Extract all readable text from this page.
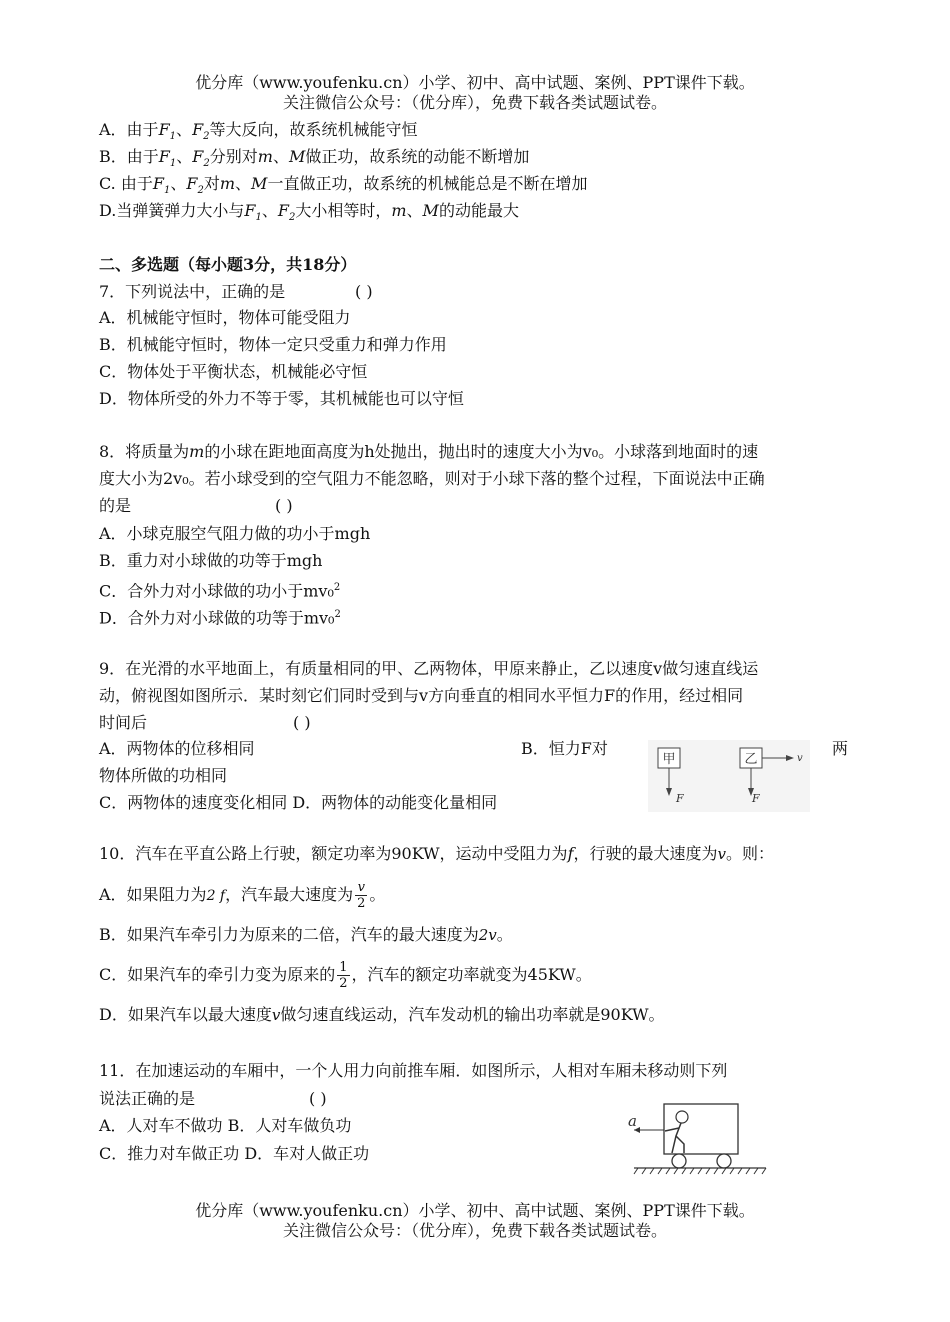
优分库（www.youfenku.cn）小学、初中、高中试题、案例、PPT课件下载。
关注微信公众号：（优分库），免费下载各类试题试卷。
A．由于$F_1$、$F_2$等大反向，故系统机械能守恒
B．由于$F_1$、$F_2$分别对m、M做正功，故系统的动能不断增加
C. 由于$F_1$、$F_2$对m、M一直做正功，故系统的机械能总是不断在增加
D.当弹簧弹力大小与$F_1$、$F_2$大小相等时，m、M的动能最大
二、多选题（每小题3分，共18分）
7．下列说法中，正确的是	( )
A．机械能守恒时，物体可能受阻力
B．机械能守恒时，物体一定只受重力和弹力作用
C．物体处于平衡状态，机械能必守恒
D．物体所受的外力不等于零，其机械能也可以守恒
8．将质量为𝑚的小球在距地面高度为h处抛出，抛出时的速度大小为v₀。小球落到地面时的速
度大小为2v₀。若小球受到的空气阻力不能忽略，则对于小球下落的整个过程，下面说法中正确
的是	( )
A．小球克服空气阻力做的功小于mgh
B．重力对小球做的功等于mgh
C．合外力对小球做的功小于mv₀$^2$
D．合外力对小球做的功等于mv₀$^2$
9．在光滑的水平地面上，有质量相同的甲、乙两物体，甲原来静止，乙以速度v做匀速直线运
动，俯视图如图所示．某时刻它们同时受到与v方向垂直的相同水平恒力F的作用，经过相同
时间后	( )
A．两物体的位移相同	B．恒力F对	两
物体所做的功相同
C．两物体的速度变化相同 D．两物体的动能变化量相同
甲
F
乙	v
F
10．汽车在平直公路上行驶，额定功率为90KW，运动中受阻力为f，行驶的最大速度为v。则：
A．如果阻力为2 f，汽车最大速度为 $\frac{v}{2}$ 。
B．如果汽车牵引力为原来的二倍，汽车的最大速度为2v。
C．如果汽车的牵引力变为原来的 $\frac{1}{2}$ ，汽车的额定功率就变为45KW。
D．如果汽车以最大速度v做匀速直线运动，汽车发动机的输出功率就是90KW。
11．在加速运动的车厢中，一个人用力向前推车厢．如图所示，人相对车厢未移动则下列
说法正确的是	( )
A．人对车不做功 B．人对车做负功
C．推力对车做正功 D．车对人做正功
a
优分库（www.youfenku.cn）小学、初中、高中试题、案例、PPT课件下载。
关注微信公众号：（优分库），免费下载各类试题试卷。
